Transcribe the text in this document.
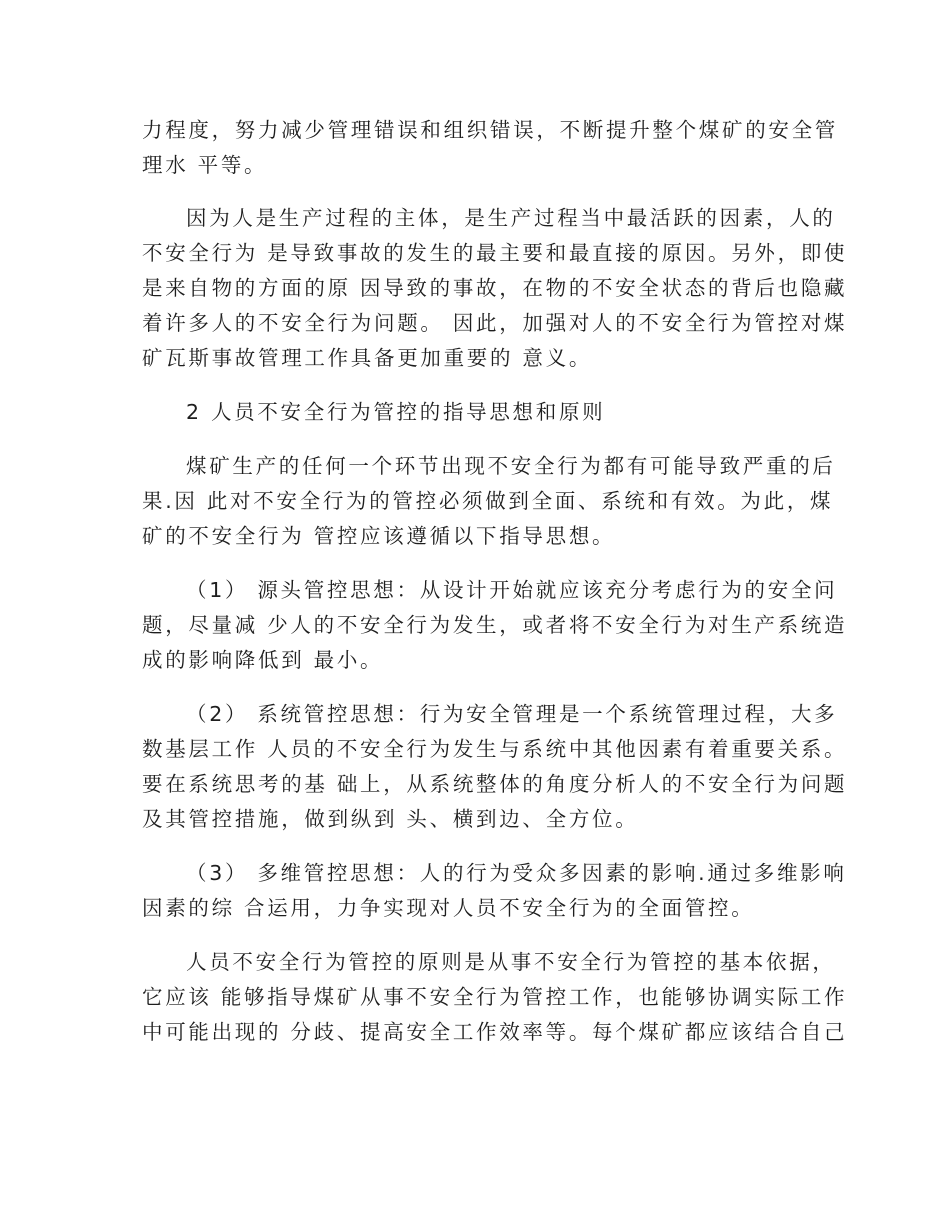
力程度，努力减少管理错误和组织错误，不断提升整个煤矿的安全管

理水 平等。

因为人是生产过程的主体，是生产过程当中最活跃的因素，人的

不安全行为 是导致事故的发生的最主要和最直接的原因。另外，即使

是来自物的方面的原 因导致的事故，在物的不安全状态的背后也隐藏

着许多人的不安全行为问题。 因此，加强对人的不安全行为管控对煤

矿瓦斯事故管理工作具备更加重要的 意义。

2 人员不安全行为管控的指导思想和原则

煤矿生产的任何一个环节出现不安全行为都有可能导致严重的后

果.因 此对不安全行为的管控必须做到全面、系统和有效。为此，煤

矿的不安全行为 管控应该遵循以下指导思想。

（1） 源头管控思想：从设计开始就应该充分考虑行为的安全问

题，尽量减 少人的不安全行为发生，或者将不安全行为对生产系统造

成的影响降低到 最小。

（2） 系统管控思想：行为安全管理是一个系统管理过程，大多

数基层工作 人员的不安全行为发生与系统中其他因素有着重要关系。

要在系统思考的基 础上，从系统整体的角度分析人的不安全行为问题

及其管控措施，做到纵到 头、横到边、全方位。

（3） 多维管控思想：人的行为受众多因素的影响.通过多维影响

因素的综 合运用，力争实现对人员不安全行为的全面管控。

人员不安全行为管控的原则是从事不安全行为管控的基本依据，

它应该 能够指导煤矿从事不安全行为管控工作，也能够协调实际工作

中可能出现的 分歧、提高安全工作效率等。每个煤矿都应该结合自己
